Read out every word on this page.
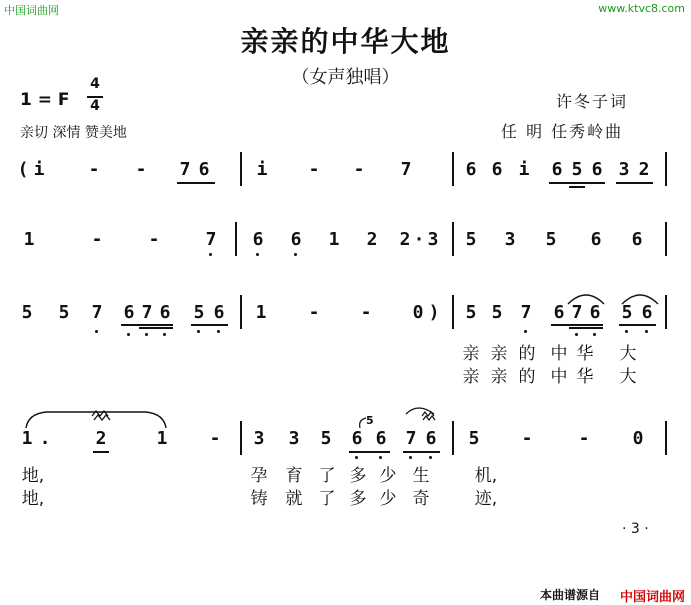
中国词曲网	www.ktvc8.com
亲亲的中华大地
（女声独唱）
1 = F
4
4
亲切 深情 赞美地
许冬子词
任 明 任秀岭曲
( i - - 7 6	i - - 7	6 6 i 6 5 6 3 2
1	-	-	7 6 6 1 2 2 · 3 5 3 5 6 6
5 5 7 6 7 6 5 6 1 - - 0 ) 5 5 7 6 7 6 5 6
亲 亲 的 中 华 大
亲 亲 的 中 华 大
1 .	2	1 - 3 3 5
5
6 6 7 6 5 -	- 0
地,	孕 育 了 多 少 生	机,
地,	铸 就 了 多 少 奇	迹,
· 3 ·
本曲谱源自 中国词曲网
